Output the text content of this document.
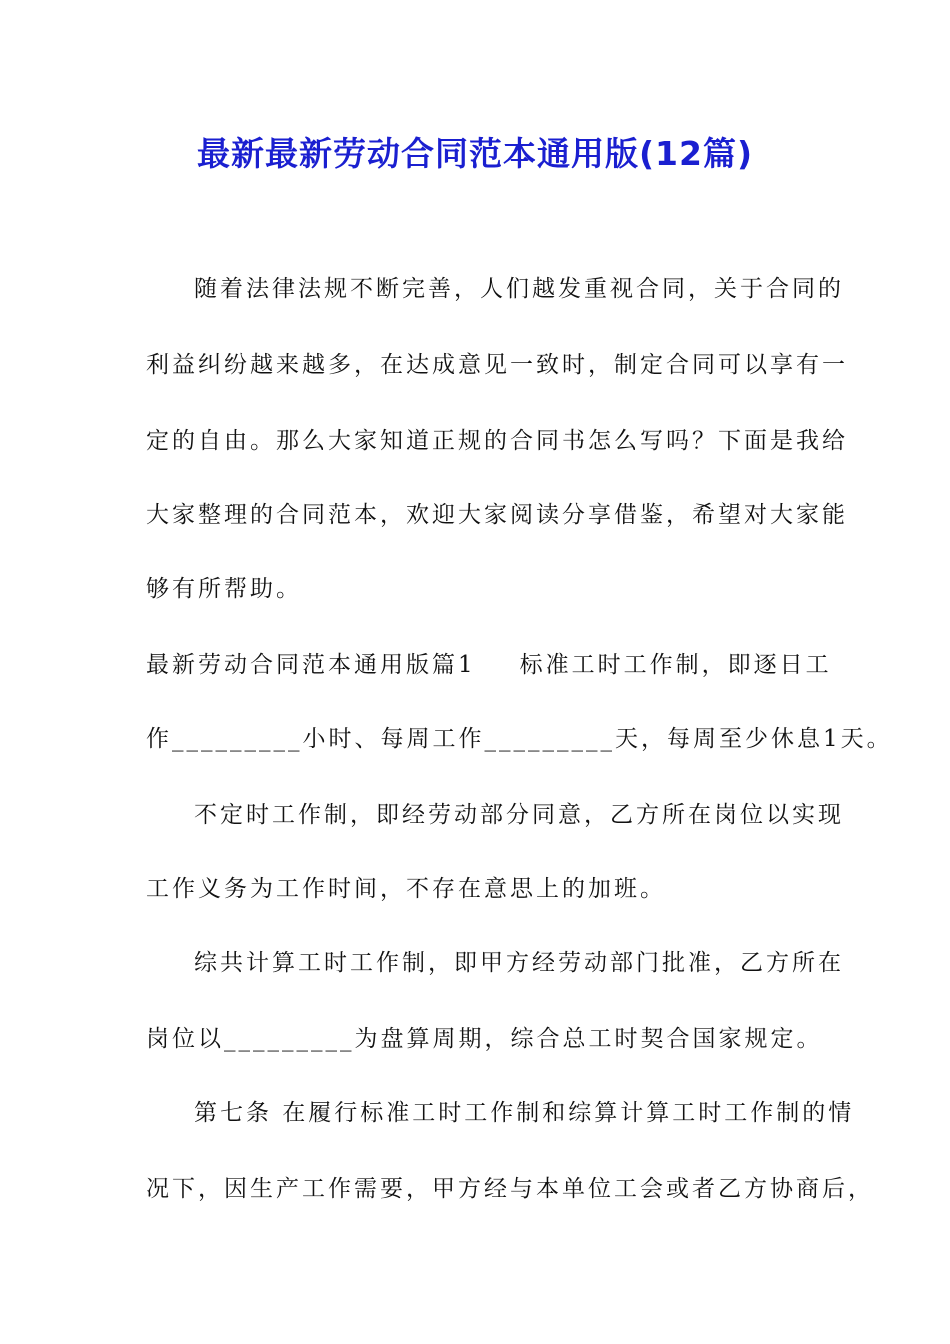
最新最新劳动合同范本通用版(12篇)
随着法律法规不断完善，人们越发重视合同，关于合同的
利益纠纷越来越多，在达成意见一致时，制定合同可以享有一
定的自由。那么大家知道正规的合同书怎么写吗？下面是我给
大家整理的合同范本，欢迎大家阅读分享借鉴，希望对大家能
够有所帮助。
最新劳动合同范本通用版篇1 标准工时工作制，即逐日工
作_________小时、每周工作_________天，每周至少休息1天。
不定时工作制，即经劳动部分同意，乙方所在岗位以实现
工作义务为工作时间，不存在意思上的加班。
综共计算工时工作制，即甲方经劳动部门批准，乙方所在
岗位以_________为盘算周期，综合总工时契合国家规定。
第七条 在履行标准工时工作制和综算计算工时工作制的情
况下，因生产工作需要，甲方经与本单位工会或者乙方协商后，
